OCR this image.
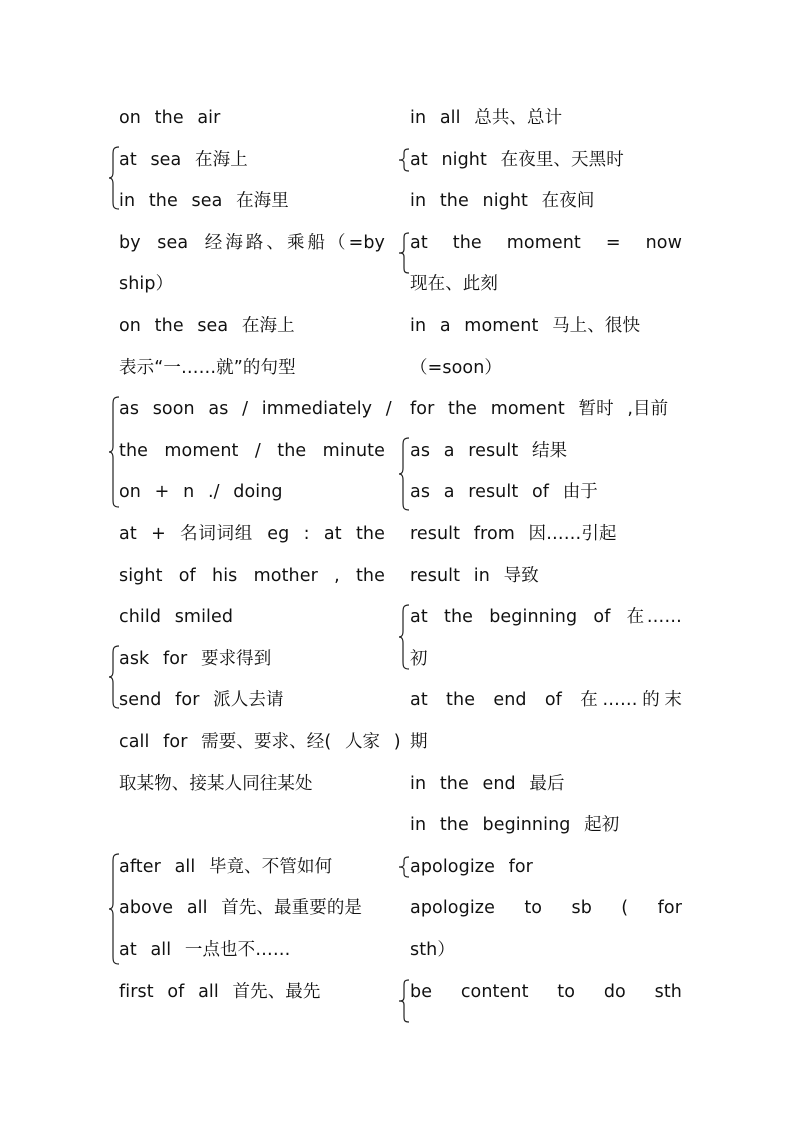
on the air
at sea 在海上
in the sea 在海里
by sea 经海路、乘船（=by
ship）
on the sea 在海上
表示“一……就”的句型
as soon as / immediately /
the moment / the minute
on + n ./ doing
at + 名词词组 eg : at the
sight of his mother , the
child smiled
ask for 要求得到
send for 派人去请
call for 需要、要求、经( 人家 )
取某物、接某人同往某处
after all 毕竟、不管如何
above all 首先、最重要的是
at all 一点也不……
first of all 首先、最先
in all 总共、总计
at night 在夜里、天黑时
in the night 在夜间
at the moment = now
现在、此刻
in a moment 马上、很快
（=soon）
for the moment 暂时 ,目前
as a result 结果
as a result of 由于
result from 因……引起
result in 导致
at the beginning of 在……
初
at the end of 在……的末
期
in the end 最后
in the beginning 起初
apologize for
apologize to sb ( for
sth）
be content to do sth
